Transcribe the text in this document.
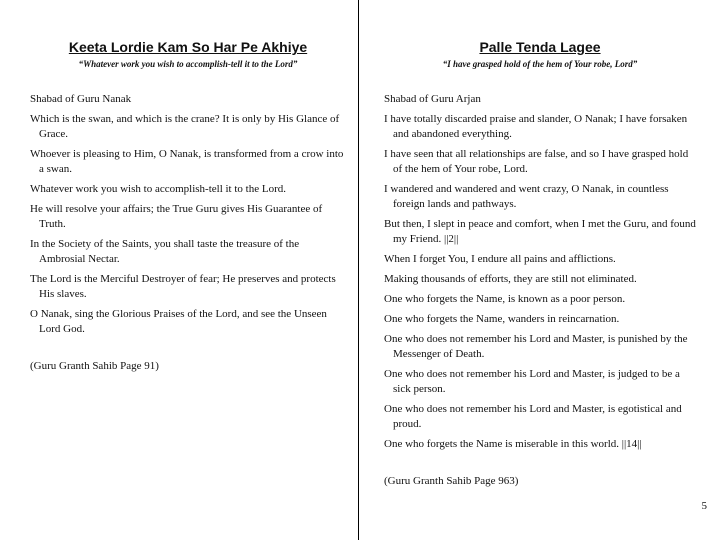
Keeta Lordie Kam So Har Pe Akhiye
“Whatever work you wish to accomplish-tell it to the Lord”

Shabad of Guru Nanak

Which is the swan, and which is the crane? It is only by His Glance of Grace.

Whoever is pleasing to Him, O Nanak, is transformed from a crow into a swan.

Whatever work you wish to accomplish-tell it to the Lord.

He will resolve your affairs; the True Guru gives His Guarantee of Truth.

In the Society of the Saints, you shall taste the treasure of the Ambrosial Nectar.

The Lord is the Merciful Destroyer of fear; He preserves and protects His slaves.

O Nanak, sing the Glorious Praises of the Lord, and see the Unseen Lord God.

(Guru Granth Sahib Page 91)
Palle Tenda Lagee
“I have grasped hold of the hem of Your robe, Lord”

Shabad of Guru Arjan

I have totally discarded praise and slander, O Nanak; I have forsaken and abandoned everything.

I have seen that all relationships are false, and so I have grasped hold of the hem of Your robe, Lord.

I wandered and wandered and went crazy, O Nanak, in countless foreign lands and pathways.

But then, I slept in peace and comfort, when I met the Guru, and found my Friend. ||2||

When I forget You, I endure all pains and afflictions.

Making thousands of efforts, they are still not eliminated.

One who forgets the Name, is known as a poor person.

One who forgets the Name, wanders in reincarnation.

One who does not remember his Lord and Master, is punished by the Messenger of Death.

One who does not remember his Lord and Master, is judged to be a sick person.

One who does not remember his Lord and Master, is egotistical and proud.

One who forgets the Name is miserable in this world. ||14||

(Guru Granth Sahib Page 963)
5
